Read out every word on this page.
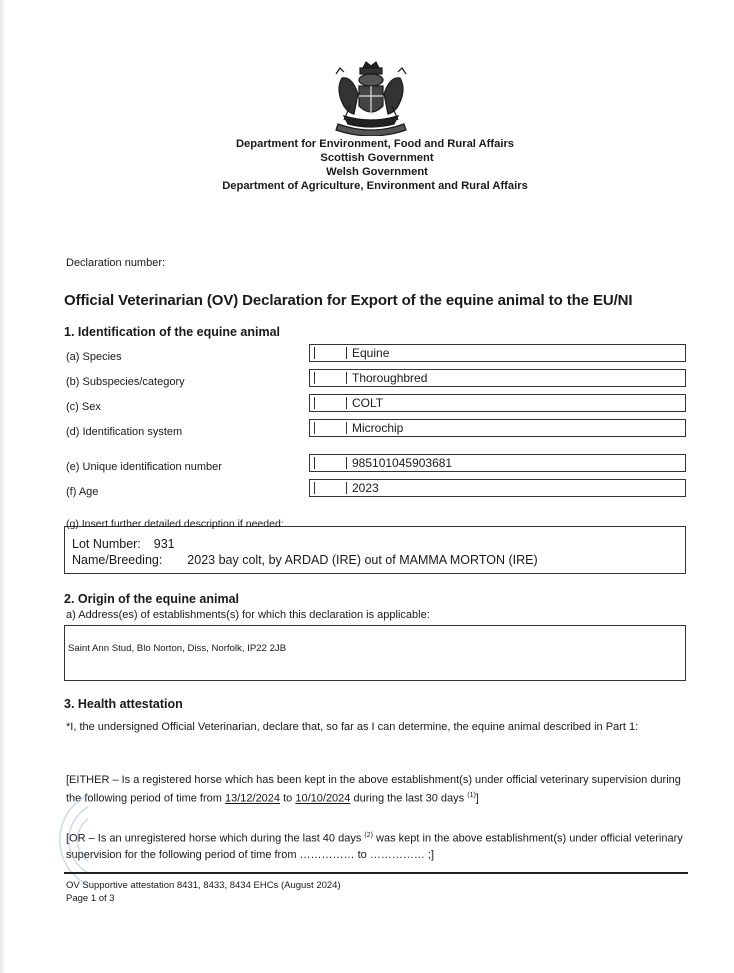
Department for Environment, Food and Rural Affairs
Scottish Government
Welsh Government
Department of Agriculture, Environment and Rural Affairs
Declaration number:
Official Veterinarian (OV) Declaration for Export of the equine animal to the EU/NI
1. Identification of the equine animal
(a) Species	Equine
(b) Subspecies/category	Thoroughbred
(c) Sex	COLT
(d) Identification system	Microchip
(e) Unique identification number	985101045903681
(f) Age	2023
(g) Insert further detailed description if needed:
Lot Number: 931
Name/Breeding: 2023 bay colt, by ARDAD (IRE) out of MAMMA MORTON (IRE)
2. Origin of the equine animal
a) Address(es) of establishments(s) for which this declaration is applicable:
Saint Ann Stud, Blo Norton, Diss, Norfolk, IP22 2JB
3. Health attestation
*I, the undersigned Official Veterinarian, declare that, so far as I can determine, the equine animal described in Part 1:
[EITHER – Is a registered horse which has been kept in the above establishment(s) under official veterinary supervision during the following period of time from 13/12/2024 to 10/10/2024 during the last 30 days $^{(1)}$]
[OR – Is an unregistered horse which during the last 40 days $^{(2)}$ was kept in the above establishment(s) under official veterinary supervision for the following period of time from …………… to …………… ;]
OV Supportive attestation 8431, 8433, 8434 EHCs (August 2024)
Page 1 of 3
